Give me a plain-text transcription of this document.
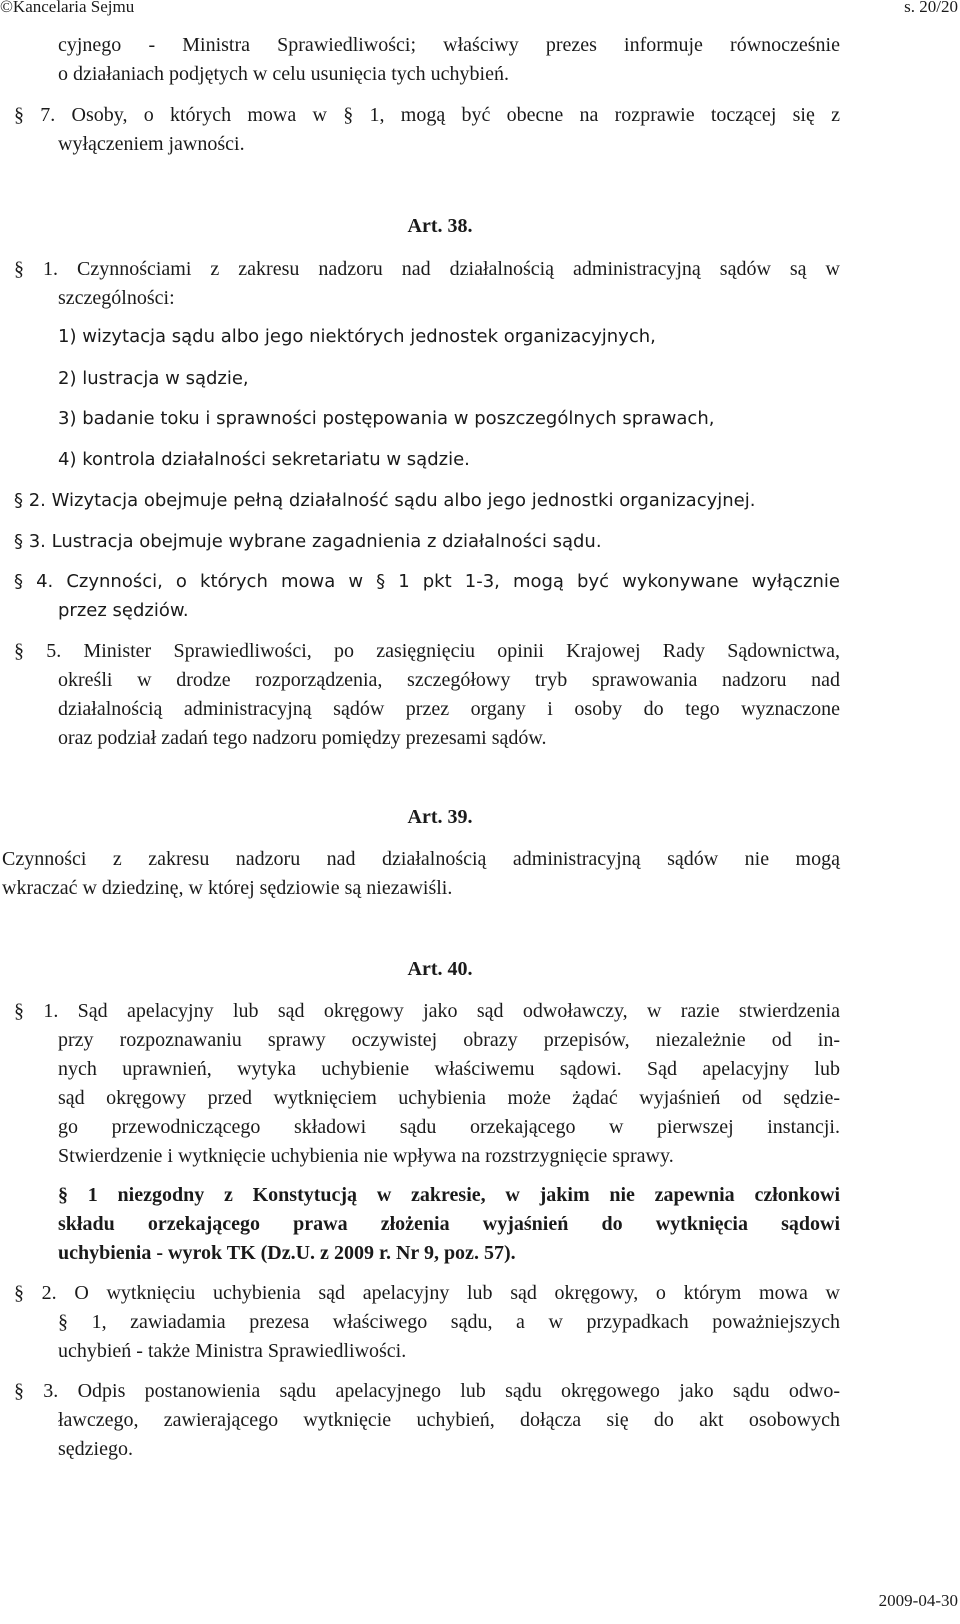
©Kancelaria Sejmu	s. 20/20
2009-04-30
cyjnego - Ministra Sprawiedliwości; właściwy prezes informuje równocześnie
o działaniach podjętych w celu usunięcia tych uchybień.
§ 7. Osoby, o których mowa w § 1, mogą być obecne na rozprawie toczącej się z
wyłączeniem jawności.
Art. 38.
§ 1. Czynnościami z zakresu nadzoru nad działalnością administracyjną sądów są w
szczególności:
1) wizytacja sądu albo jego niektórych jednostek organizacyjnych,
2) lustracja w sądzie,
3) badanie toku i sprawności postępowania w poszczególnych sprawach,
4) kontrola działalności sekretariatu w sądzie.
§ 2. Wizytacja obejmuje pełną działalność sądu albo jego jednostki organizacyjnej.
§ 3. Lustracja obejmuje wybrane zagadnienia z działalności sądu.
§ 4. Czynności, o których mowa w § 1 pkt 1-3, mogą być wykonywane wyłącznie
przez sędziów.
§ 5. Minister Sprawiedliwości, po zasięgnięciu opinii Krajowej Rady Sądownictwa,
określi w drodze rozporządzenia, szczegółowy tryb sprawowania nadzoru nad
działalnością administracyjną sądów przez organy i osoby do tego wyznaczone
oraz podział zadań tego nadzoru pomiędzy prezesami sądów.
Art. 39.
Czynności z zakresu nadzoru nad działalnością administracyjną sądów nie mogą
wkraczać w dziedzinę, w której sędziowie są niezawiśli.
Art. 40.
§ 1. Sąd apelacyjny lub sąd okręgowy jako sąd odwoławczy, w razie stwierdzenia
przy rozpoznawaniu sprawy oczywistej obrazy przepisów, niezależnie od in-
nych uprawnień, wytyka uchybienie właściwemu sądowi. Sąd apelacyjny lub
sąd okręgowy przed wytknięciem uchybienia może żądać wyjaśnień od sędzie-
go przewodniczącego składowi sądu orzekającego w pierwszej instancji.
Stwierdzenie i wytknięcie uchybienia nie wpływa na rozstrzygnięcie sprawy.
§ 1 niezgodny z Konstytucją w zakresie, w jakim nie zapewnia członkowi
składu orzekającego prawa złożenia wyjaśnień do wytknięcia sądowi
uchybienia - wyrok TK (Dz.U. z 2009 r. Nr 9, poz. 57).
§ 2. O wytknięciu uchybienia sąd apelacyjny lub sąd okręgowy, o którym mowa w
§ 1, zawiadamia prezesa właściwego sądu, a w przypadkach poważniejszych
uchybień - także Ministra Sprawiedliwości.
§ 3. Odpis postanowienia sądu apelacyjnego lub sądu okręgowego jako sądu odwo-
ławczego, zawierającego wytknięcie uchybień, dołącza się do akt osobowych
sędziego.
